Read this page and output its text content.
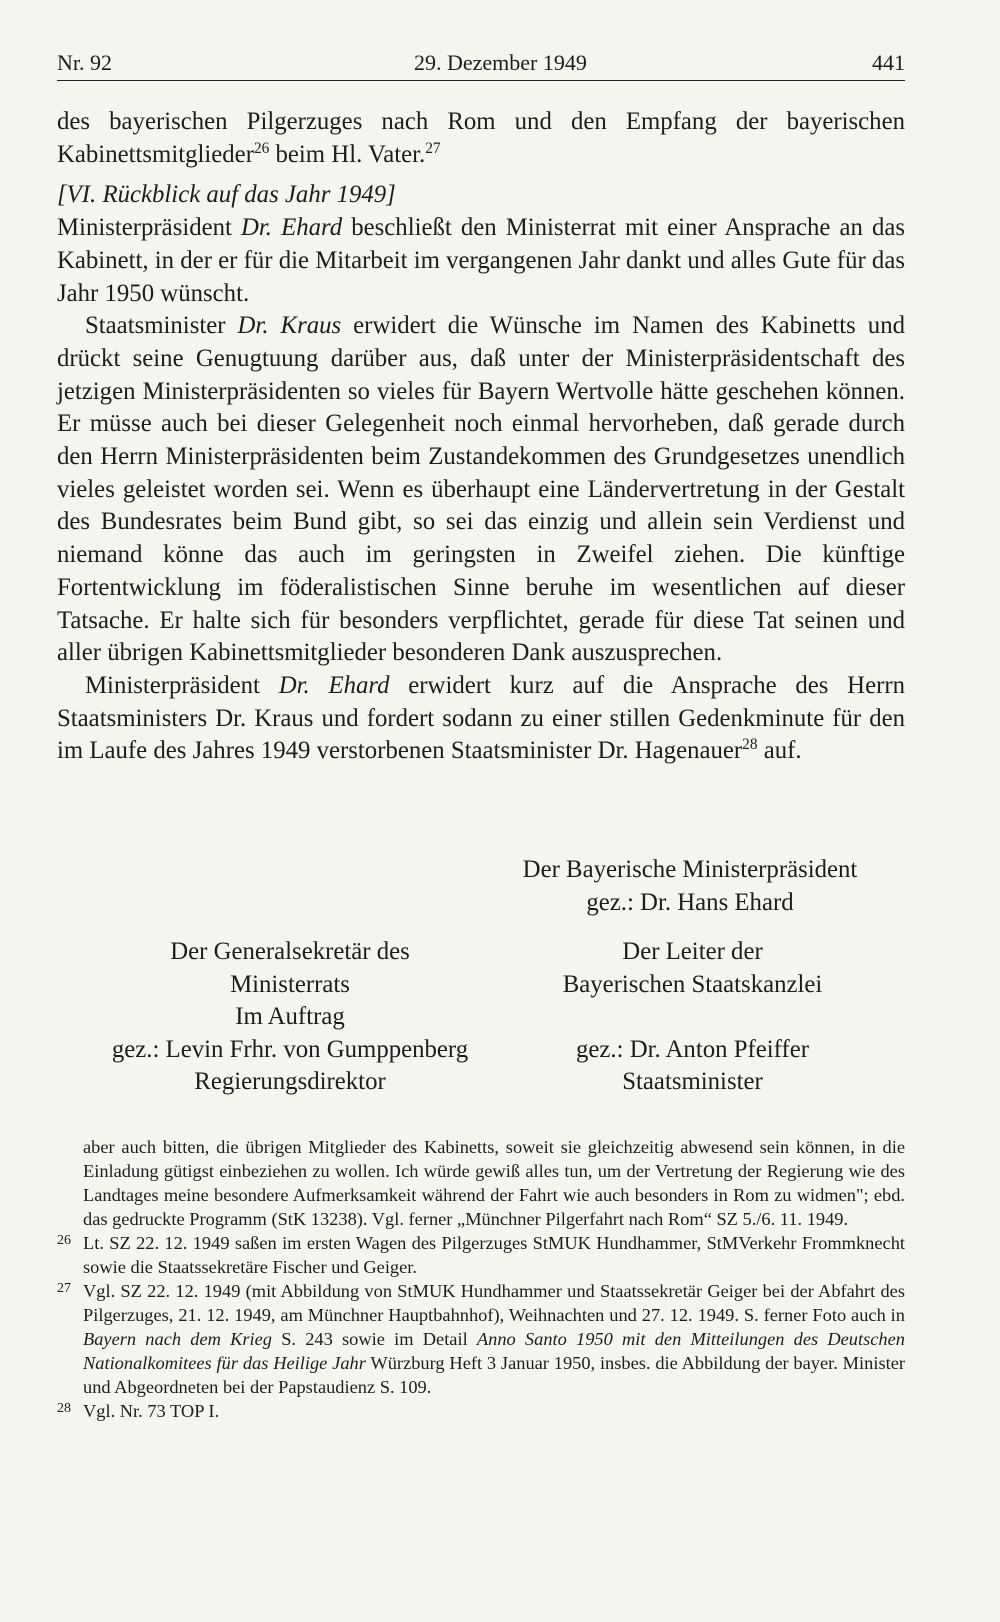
Nr. 92	29. Dezember 1949	441

des bayerischen Pilgerzuges nach Rom und den Empfang der bayerischen Kabinettsmitglieder$^{26}$ beim Hl. Vater.$^{27}$

[VI. Rückblick auf das Jahr 1949]

Ministerpräsident Dr. Ehard beschließt den Ministerrat mit einer Ansprache an das Kabinett, in der er für die Mitarbeit im vergangenen Jahr dankt und alles Gute für das Jahr 1950 wünscht.

Staatsminister Dr. Kraus erwidert die Wünsche im Namen des Kabinetts und drückt seine Genugtuung darüber aus, daß unter der Ministerpräsidentschaft des jetzigen Ministerpräsidenten so vieles für Bayern Wertvolle hätte geschehen können. Er müsse auch bei dieser Gelegenheit noch einmal hervorheben, daß gerade durch den Herrn Ministerpräsidenten beim Zustandekommen des Grundgesetzes unendlich vieles geleistet worden sei. Wenn es überhaupt eine Ländervertretung in der Gestalt des Bundesrates beim Bund gibt, so sei das einzig und allein sein Verdienst und niemand könne das auch im geringsten in Zweifel ziehen. Die künftige Fortentwicklung im föderalistischen Sinne beruhe im wesentlichen auf dieser Tatsache. Er halte sich für besonders verpflichtet, gerade für diese Tat seinen und aller übrigen Kabinettsmitglieder besonderen Dank auszusprechen.

Ministerpräsident Dr. Ehard erwidert kurz auf die Ansprache des Herrn Staatsministers Dr. Kraus und fordert sodann zu einer stillen Gedenkminute für den im Laufe des Jahres 1949 verstorbenen Staatsminister Dr. Hagenauer$^{28}$ auf.

Der Bayerische Ministerpräsident
gez.: Dr. Hans Ehard
Der Generalsekretär des
Ministerrats
Im Auftrag
gez.: Levin Frhr. von Gumppenberg
Regierungsdirektor
Der Leiter der
Bayerischen Staatskanzlei
gez.: Dr. Anton Pfeiffer
Staatsminister

aber auch bitten, die übrigen Mitglieder des Kabinetts, soweit sie gleichzeitig abwesend sein können, in die Einladung gütigst einbeziehen zu wollen. Ich würde gewiß alles tun, um der Vertretung der Regierung wie des Landtages meine besondere Aufmerksamkeit während der Fahrt wie auch besonders in Rom zu widmen"; ebd. das gedruckte Programm (StK 13238). Vgl. ferner „Münchner Pilgerfahrt nach Rom“ SZ 5./6. 11. 1949.

26 Lt. SZ 22. 12. 1949 saßen im ersten Wagen des Pilgerzuges StMUK Hundhammer, StMVerkehr Frommknecht sowie die Staatssekretäre Fischer und Geiger.

27 Vgl. SZ 22. 12. 1949 (mit Abbildung von StMUK Hundhammer und Staatssekretär Geiger bei der Abfahrt des Pilgerzuges, 21. 12. 1949, am Münchner Hauptbahnhof), Weihnachten und 27. 12. 1949. S. ferner Foto auch in Bayern nach dem Krieg S. 243 sowie im Detail Anno Santo 1950 mit den Mitteilungen des Deutschen Nationalkomitees für das Heilige Jahr Würzburg Heft 3 Januar 1950, insbes. die Abbildung der bayer. Minister und Abgeordneten bei der Papstaudienz S. 109.

28 Vgl. Nr. 73 TOP I.
